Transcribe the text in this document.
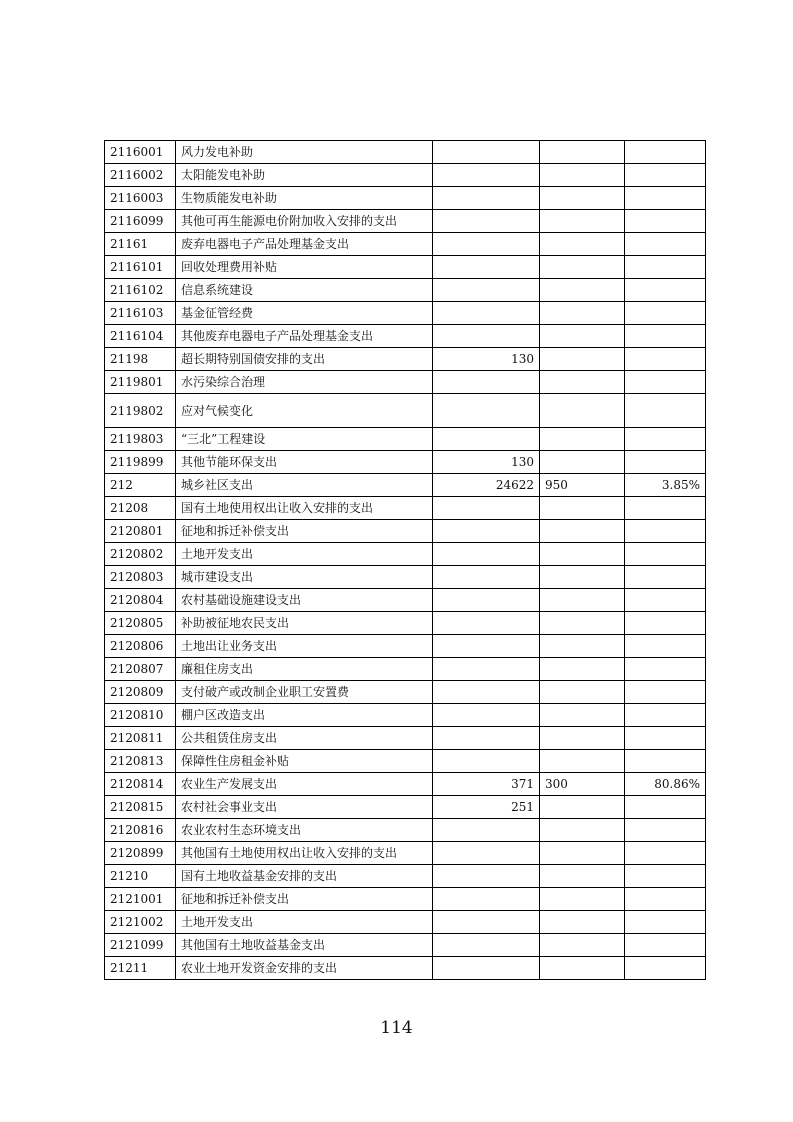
2116001	风力发电补助			
2116002	太阳能发电补助			
2116003	生物质能发电补助			
2116099	其他可再生能源电价附加收入安排的支出			
21161	废弃电器电子产品处理基金支出			
2116101	回收处理费用补贴			
2116102	信息系统建设			
2116103	基金征管经费			
2116104	其他废弃电器电子产品处理基金支出			
21198	超长期特别国债安排的支出	130		
2119801	水污染综合治理			
2119802	应对气候变化			
2119803	“三北”工程建设			
2119899	其他节能环保支出	130		
212	城乡社区支出	24622	950	3.85%
21208	国有土地使用权出让收入安排的支出			
2120801	征地和拆迁补偿支出			
2120802	土地开发支出			
2120803	城市建设支出			
2120804	农村基础设施建设支出			
2120805	补助被征地农民支出			
2120806	土地出让业务支出			
2120807	廉租住房支出			
2120809	支付破产或改制企业职工安置费			
2120810	棚户区改造支出			
2120811	公共租赁住房支出			
2120813	保障性住房租金补贴			
2120814	农业生产发展支出	371	300	80.86%
2120815	农村社会事业支出	251		
2120816	农业农村生态环境支出			
2120899	其他国有土地使用权出让收入安排的支出			
21210	国有土地收益基金安排的支出			
2121001	征地和拆迁补偿支出			
2121002	土地开发支出			
2121099	其他国有土地收益基金支出			
21211	农业土地开发资金安排的支出			
114
